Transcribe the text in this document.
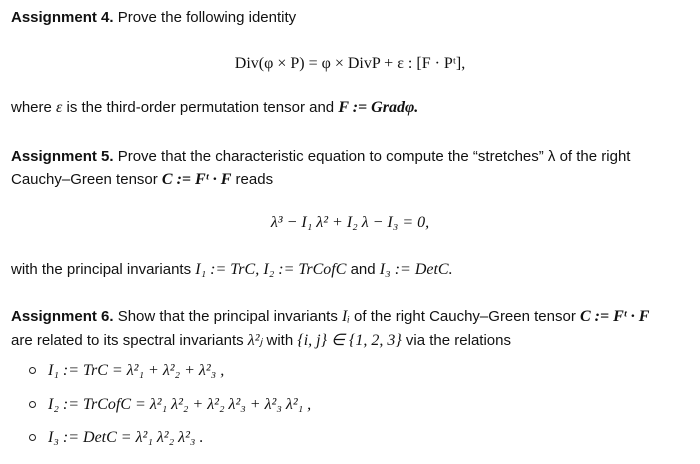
Assignment 4. Prove the following identity
Div(φ × P) = φ × DivP + ε : [F · Pᵗ],
where ε is the third-order permutation tensor and F := Gradφ.
Assignment 5. Prove that the characteristic equation to compute the “stretches” λ of the right
Cauchy–Green tensor C := Fᵗ · F reads
λ³ − I₁ λ² + I₂ λ − I₃ = 0,
with the principal invariants I₁ := TrC, I₂ := TrCofC and I₃ := DetC.
Assignment 6. Show that the principal invariants Iᵢ of the right Cauchy–Green tensor C := Fᵗ · F
are related to its spectral invariants λ²ⱼ with {i, j} ∈ {1, 2, 3} via the relations
I₁ := TrC = λ²₁ + λ²₂ + λ²₃ ,
I₂ := TrCofC = λ²₁ λ²₂ + λ²₂ λ²₃ + λ²₃ λ²₁ ,
I₃ := DetC = λ²₁ λ²₂ λ²₃ .
